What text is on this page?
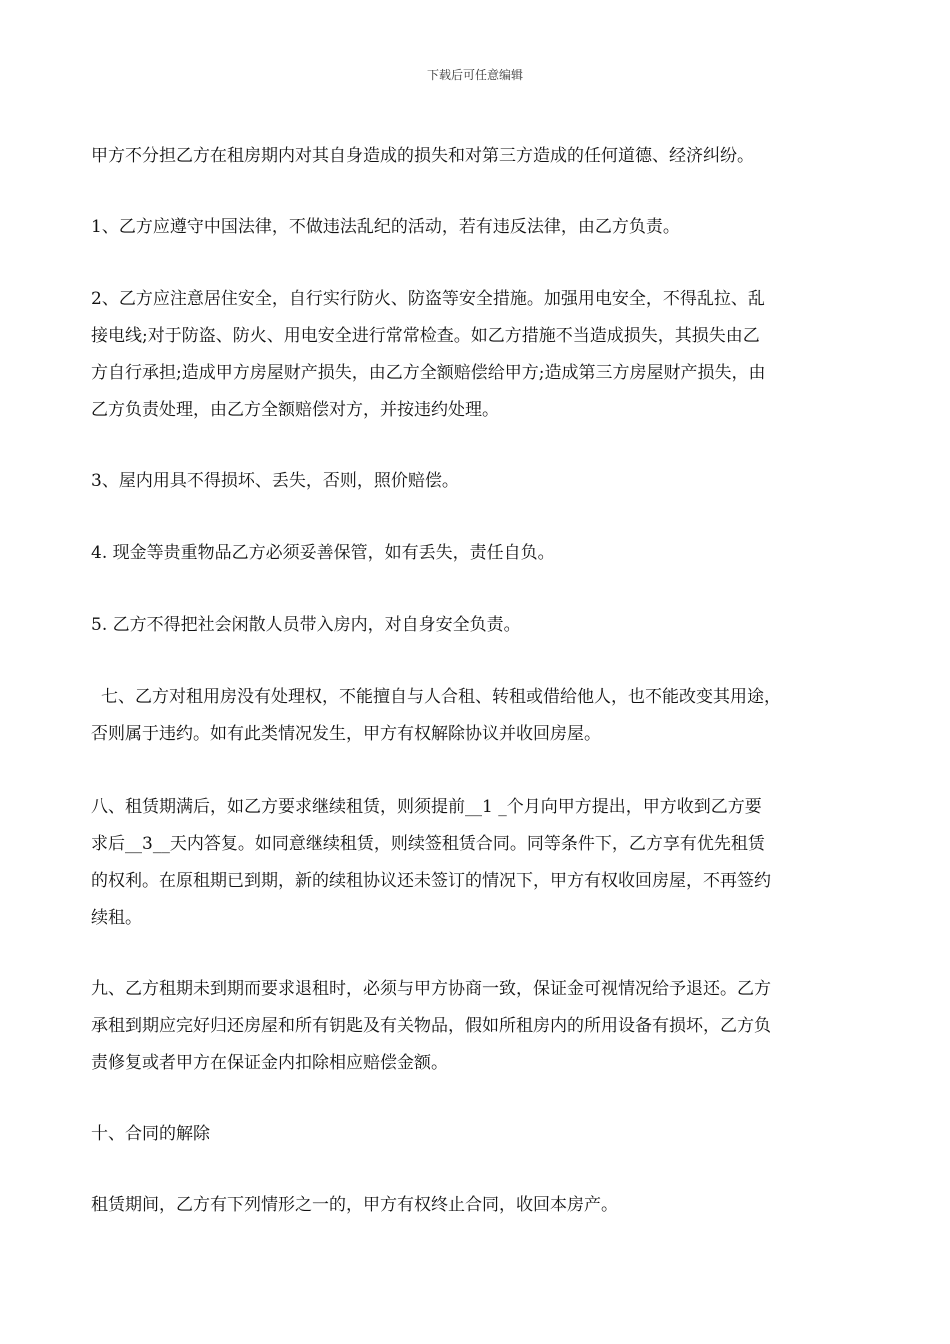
下载后可任意编辑

甲方不分担乙方在租房期内对其自身造成的损失和对第三方造成的任何道德、经济纠纷。

1、乙方应遵守中国法律，不做违法乱纪的活动，若有违反法律，由乙方负责。

2、乙方应注意居住安全，自行实行防火、防盗等安全措施。加强用电安全，不得乱拉、乱
接电线;对于防盗、防火、用电安全进行常常检查。如乙方措施不当造成损失，其损失由乙
方自行承担;造成甲方房屋财产损失，由乙方全额赔偿给甲方;造成第三方房屋财产损失，由
乙方负责处理，由乙方全额赔偿对方，并按违约处理。

3、屋内用具不得损坏、丢失，否则，照价赔偿。

4. 现金等贵重物品乙方必须妥善保管，如有丢失，责任自负。

5. 乙方不得把社会闲散人员带入房内，对自身安全负责。

七、乙方对租用房没有处理权，不能擅自与人合租、转租或借给他人，也不能改变其用途，
否则属于违约。如有此类情况发生，甲方有权解除协议并收回房屋。

八、租赁期满后，如乙方要求继续租赁，则须提前__1 _个月向甲方提出，甲方收到乙方要
求后__3__天内答复。如同意继续租赁，则续签租赁合同。同等条件下，乙方享有优先租赁
的权利。在原租期已到期，新的续租协议还未签订的情况下，甲方有权收回房屋，不再签约
续租。

九、乙方租期未到期而要求退租时，必须与甲方协商一致，保证金可视情况给予退还。乙方
承租到期应完好归还房屋和所有钥匙及有关物品，假如所租房内的所用设备有损坏，乙方负
责修复或者甲方在保证金内扣除相应赔偿金额。

十、合同的解除

租赁期间，乙方有下列情形之一的，甲方有权终止合同，收回本房产。
